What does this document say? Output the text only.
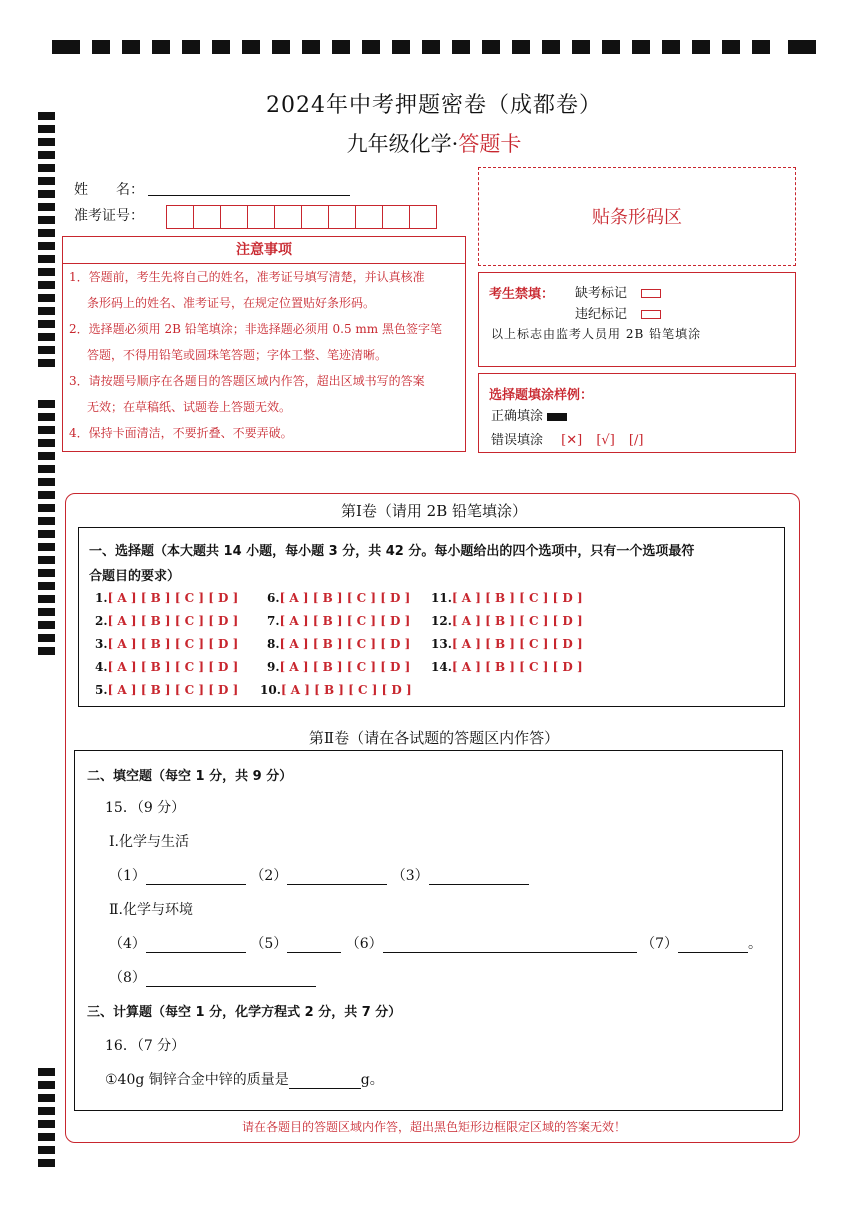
2024年中考押题密卷（成都卷）
九年级化学·答题卡
姓　　名：
准考证号：
注意事项
1．答题前，考生先将自己的姓名，准考证号填写清楚，并认真核准
条形码上的姓名、准考证号，在规定位置贴好条形码。
2．选择题必须用 2B 铅笔填涂；非选择题必须用 0.5 mm 黑色签字笔
答题，不得用铅笔或圆珠笔答题；字体工整、笔迹清晰。
3．请按题号顺序在各题目的答题区域内作答，超出区域书写的答案
无效；在草稿纸、试题卷上答题无效。
4．保持卡面清洁，不要折叠、不要弄破。
贴条形码区
考生禁填： 缺考标记
违纪标记
以上标志由监考人员用 2B 铅笔填涂
选择题填涂样例：
正确填涂
错误填涂 [✕] [√] [/]
第Ⅰ卷（请用 2B 铅笔填涂）
一、选择题（本大题共 14 小题，每小题 3 分，共 42 分。每小题给出的四个选项中，只有一个选项最符
合题目的要求）
1.[ A ] [ B ] [ C ] [ D ]
2.[ A ] [ B ] [ C ] [ D ]
3.[ A ] [ B ] [ C ] [ D ]
4.[ A ] [ B ] [ C ] [ D ]
5.[ A ] [ B ] [ C ] [ D ]
6.[ A ] [ B ] [ C ] [ D ]
7.[ A ] [ B ] [ C ] [ D ]
8.[ A ] [ B ] [ C ] [ D ]
9.[ A ] [ B ] [ C ] [ D ]
10.[ A ] [ B ] [ C ] [ D ]
11.[ A ] [ B ] [ C ] [ D ]
12.[ A ] [ B ] [ C ] [ D ]
13.[ A ] [ B ] [ C ] [ D ]
14.[ A ] [ B ] [ C ] [ D ]
第Ⅱ卷（请在各试题的答题区内作答）
二、填空题（每空 1 分，共 9 分）
15．（9 分）
Ⅰ.化学与生活
（1）	（2）	（3）
Ⅱ.化学与环境
（4）	（5）	（6）	（7）	。
（8）
三、计算题（每空 1 分，化学方程式 2 分，共 7 分）
16．（7 分）
①40g 铜锌合金中锌的质量是	g。
请在各题目的答题区域内作答，超出黑色矩形边框限定区域的答案无效！
